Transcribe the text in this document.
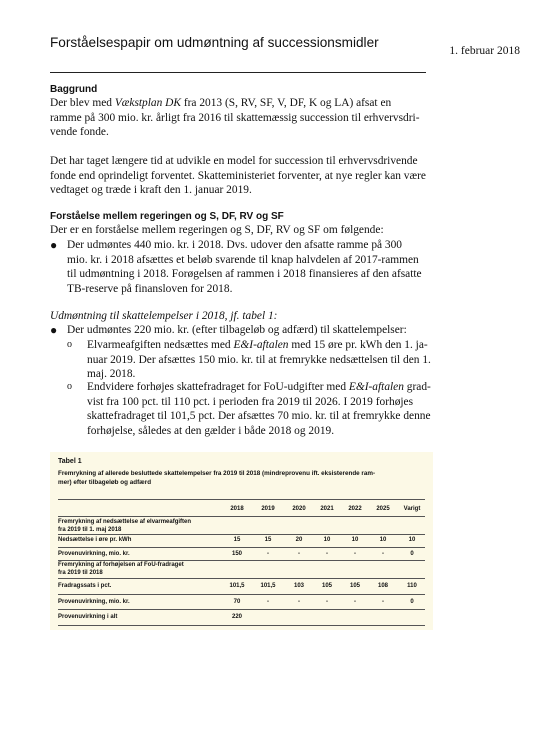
Forståelsespapir om udmøntning af successionsmidler
1. februar 2018
Baggrund
Der blev med Vækstplan DK fra 2013 (S, RV, SF, V, DF, K og LA) afsat en
ramme på 300 mio. kr. årligt fra 2016 til skattemæssig succession til erhvervsdri-
vende fonde.
Det har taget længere tid at udvikle en model for succession til erhvervsdrivende
fonde end oprindeligt forventet. Skatteministeriet forventer, at nye regler kan være
vedtaget og træde i kraft den 1. januar 2019.
Forståelse mellem regeringen og S, DF, RV og SF
Der er en forståelse mellem regeringen og S, DF, RV og SF om følgende:
● Der udmøntes 440 mio. kr. i 2018. Dvs. udover den afsatte ramme på 300
mio. kr. i 2018 afsættes et beløb svarende til knap halvdelen af 2017-rammen
til udmøntning i 2018. Forøgelsen af rammen i 2018 finansieres af den afsatte
TB-reserve på finansloven for 2018.
Udmøntning til skattelempelser i 2018, jf. tabel 1:
● Der udmøntes 220 mio. kr. (efter tilbageløb og adfærd) til skattelempelser:
o Elvarmeafgiften nedsættes med E&I-aftalen med 15 øre pr. kWh den 1. ja-
nuar 2019. Der afsættes 150 mio. kr. til at fremrykke nedsættelsen til den 1.
maj. 2018.
o Endvidere forhøjes skattefradraget for FoU-udgifter med E&I-aftalen grad-
vist fra 100 pct. til 110 pct. i perioden fra 2019 til 2026. I 2019 forhøjes
skattefradraget til 101,5 pct. Der afsættes 70 mio. kr. til at fremrykke denne
forhøjelse, således at den gælder i både 2018 og 2019.
Tabel 1
Fremrykning af allerede besluttede skattelempelser fra 2019 til 2018 (mindreprovenu ift. eksisterende ram-
mer) efter tilbageløb og adfærd
2018	2019	2020	2021	2022	2025	Varigt
Fremrykning af nedsættelse af elvarmeafgiften
fra 2019 til 1. maj 2018
Nedsættelse i øre pr. kWh	15	15	20	10	10	10	10
Provenuvirkning, mio. kr.	150	-	-	-	-	-	0
Fremrykning af forhøjelsen af FoU-fradraget
fra 2019 til 2018
Fradragssats i pct.	101,5	101,5	103	105	105	108	110
Provenuvirkning, mio. kr.	70	-	-	-	-	-	0
Provenuvirkning i alt	220
